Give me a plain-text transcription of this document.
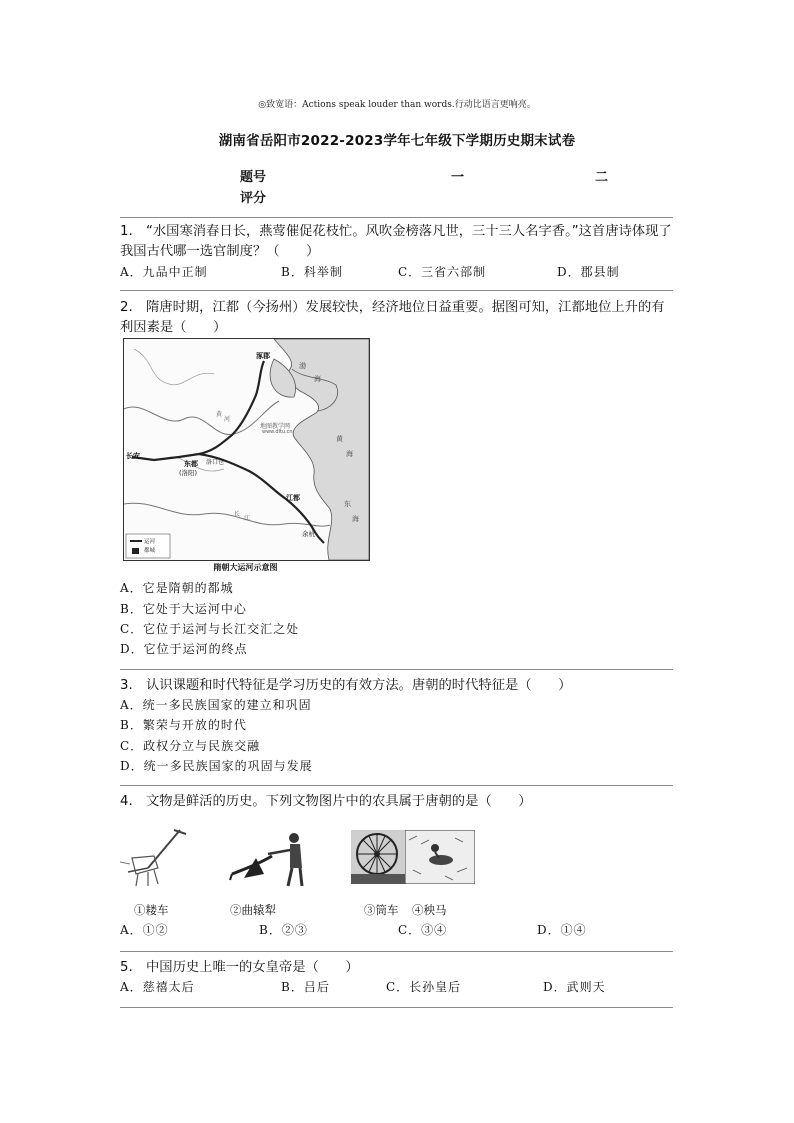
◎致宽语：Actions speak louder than words.行动比语言更响亮。
湖南省岳阳市2022-2023学年七年级下学期历史期末试卷
题号	一	二
评分
1.　“水国寒消春日长，燕莺催促花枝忙。风吹金榜落凡世，三十三人名字香。”这首唐诗体现了我国古代哪一选官制度？（　　）
A．九品中正制	B．科举制	C．三省六部制	D．郡县制
2.　隋唐时期，江都（今扬州）发展较快，经济地位日益重要。据图可知，江都地位上升的有利因素是（　　）
涿郡
长安
东都
(洛阳)
洛口仓
江都
余杭
地图教学网
www.dltu.cn
运河
都城
渤
海
黄
海
东
海
黄
河
长
江
隋朝大运河示意图
A．它是隋朝的都城
B．它处于大运河中心
C．它位于运河与长江交汇之处
D．它位于运河的终点
3.　认识课题和时代特征是学习历史的有效方法。唐朝的时代特征是（　　）
A．统一多民族国家的建立和巩固
B．繁荣与开放的时代
C．政权分立与民族交融
D．统一多民族国家的巩固与发展
4.　文物是鲜活的历史。下列文物图片中的农具属于唐朝的是（　　）
①耧车	②曲辕犁	③筒车 ④秧马
A．①②	B．②③	C．③④	D．①④
5.　中国历史上唯一的女皇帝是（　　）
A．慈禧太后	B．吕后	C．长孙皇后	D．武则天
